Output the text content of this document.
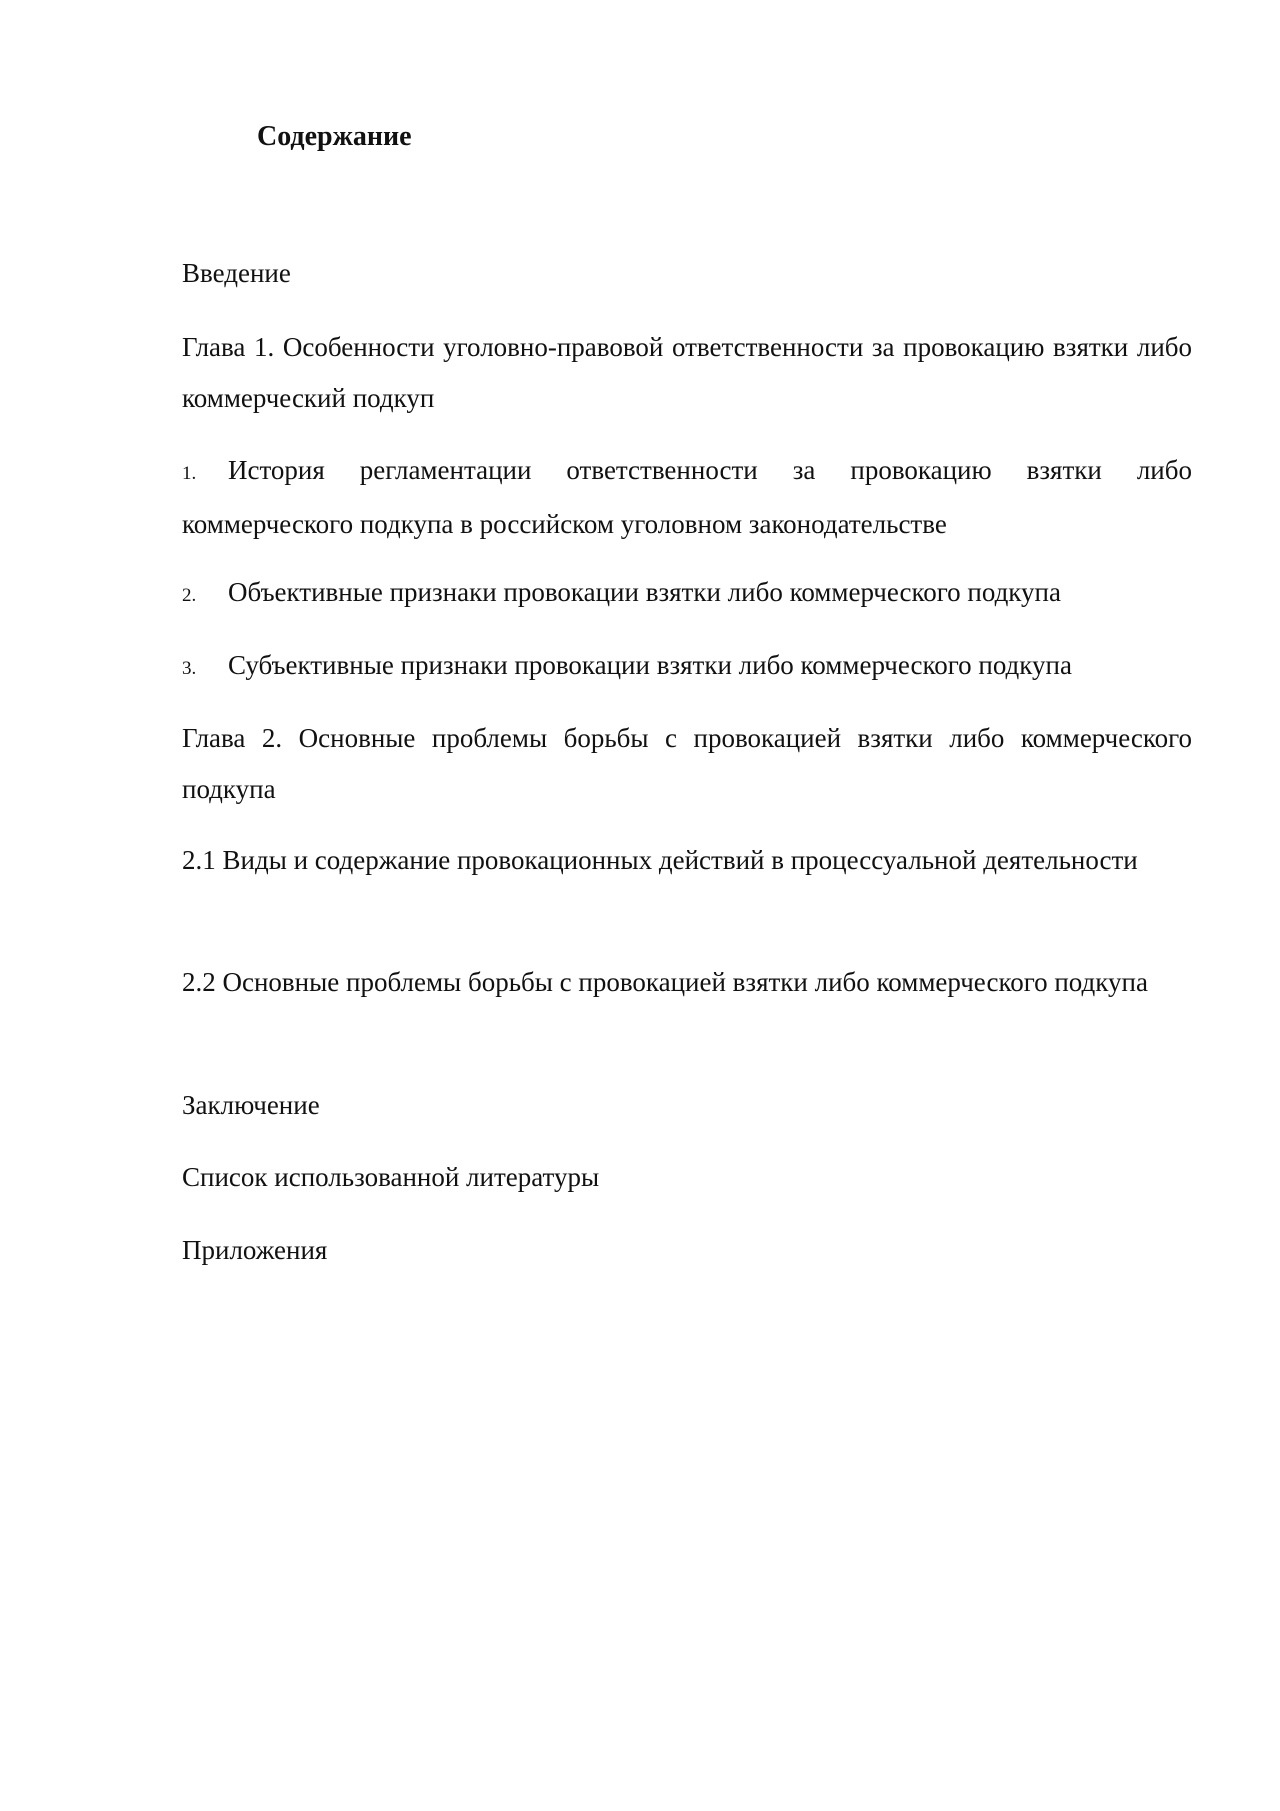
Содержание

Введение

Глава 1. Особенности уголовно-правовой ответственности за провокацию взятки либо коммерческий подкуп

1. История регламентации ответственности за провокацию взятки либо коммерческого подкупа в российском уголовном законодательстве

2. Объективные признаки провокации взятки либо коммерческого подкупа

3. Субъективные признаки провокации взятки либо коммерческого подкупа

Глава 2. Основные проблемы борьбы с провокацией взятки либо коммерческого подкупа

2.1 Виды и содержание провокационных действий в процессуальной деятельности

2.2 Основные проблемы борьбы с провокацией взятки либо коммерческого подкупа

Заключение

Список использованной литературы

Приложения
